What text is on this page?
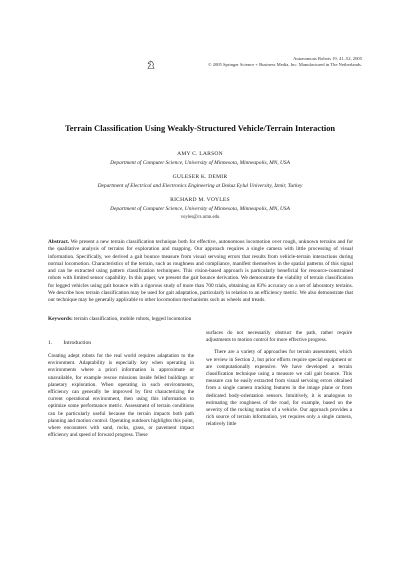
Autonomous Robots 19, 41–52, 2005
© 2005 Springer Science + Business Media, Inc. Manufactured in The Netherlands.
Terrain Classification Using Weakly-Structured Vehicle/Terrain Interaction
AMY C. LARSON
Department of Computer Science, University of Minnesota, Minneapolis, MN, USA
GULESER K. DEMIR
Department of Electrical and Electronics Engineering at Dokuz Eylul University, Izmir, Turkey
RICHARD M. VOYLES
Department of Computer Science, University of Minnesota, Minneapolis, MN, USA
voyles@cs.umn.edu
Abstract. We present a new terrain classification technique both for effective, autonomous locomotion over rough, unknown terrains and for the qualitative analysis of terrains for exploration and mapping. Our approach requires a single camera with little processing of visual information. Specifically, we derived a gait bounce measure from visual servoing errors that results from vehicle-terrain interactions during normal locomotion. Characteristics of the terrain, such as roughness and compliance, manifest themselves in the spatial patterns of this signal and can be extracted using pattern classification techniques. This vision-based approach is particularly beneficial for resource-constrained robots with limited sensor capability. In this paper, we present the gait bounce derivation. We demonstrate the viability of terrain classification for legged vehicles using gait bounce with a rigorous study of more than 700 trials, obtaining an 83% accuracy on a set of laboratory terrains. We describe how terrain classification may be used for gait adaptation, particularly in relation to an efficiency metric. We also demonstrate that our technique may be generally applicable to other locomotion mechanisms such as wheels and treads.
Keywords: terrain classification, mobile robots, legged locomotion
1. Introduction

Creating adept robots for the real world requires adaptation to the environment. Adaptability is especially key when operating in environments where a priori information is approximate or unavailable, for example rescue missions inside felled buildings or planetary exploration. When operating in such environments, efficiency can generally be improved by first characterizing the current operational environment, then using this information to optimize some performance metric. Assessment of terrain conditions can be particularly useful because the terrain impacts both path planning and motion control. Operating outdoors highlights this point, where encounters with sand, rocks, grass, or pavement impact efficiency and speed of forward progress. These

surfaces do not necessarily obstruct the path, rather require adjustments to motion control for more effective progress.

There are a variety of approaches for terrain assessment, which we review in Section 2, but prior efforts require special equipment or are computationally expensive. We have developed a terrain classification technique using a measure we call gait bounce. This measure can be easily extracted from visual servoing errors obtained from a single camera tracking features in the image plane or from dedicated body-orientation sensors. Intuitively, it is analogous to estimating the roughness of the road, for example, based on the severity of the rocking motion of a vehicle. Our approach provides a rich source of terrain information, yet requires only a single camera, relatively little
